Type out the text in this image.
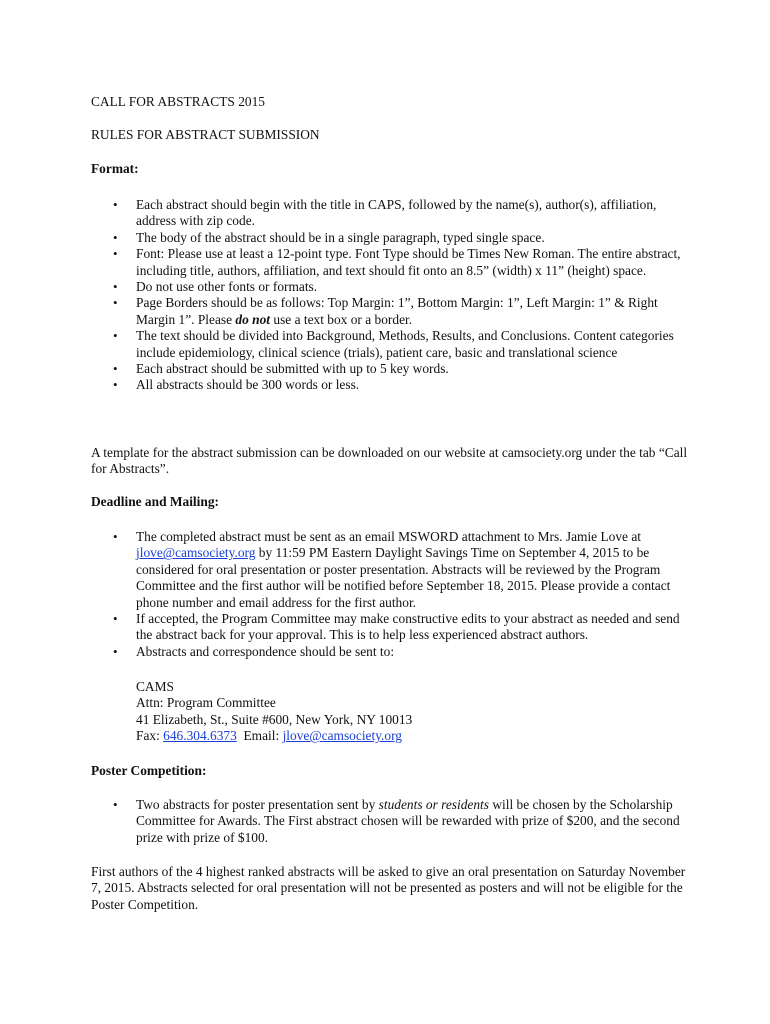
CALL FOR ABSTRACTS 2015

RULES FOR ABSTRACT SUBMISSION

Format:

• Each abstract should begin with the title in CAPS, followed by the name(s), author(s), affiliation, address with zip code.
• The body of the abstract should be in a single paragraph, typed single space.
• Font: Please use at least a 12-point type. Font Type should be Times New Roman. The entire abstract, including title, authors, affiliation, and text should fit onto an 8.5” (width) x 11” (height) space.
• Do not use other fonts or formats.
• Page Borders should be as follows: Top Margin: 1”, Bottom Margin: 1”, Left Margin: 1” & Right Margin 1”. Please do not use a text box or a border.
• The text should be divided into Background, Methods, Results, and Conclusions. Content categories include epidemiology, clinical science (trials), patient care, basic and translational science
• Each abstract should be submitted with up to 5 key words.
• All abstracts should be 300 words or less.

A template for the abstract submission can be downloaded on our website at camsociety.org under the tab “Call for Abstracts”.

Deadline and Mailing:

• The completed abstract must be sent as an email MSWORD attachment to Mrs. Jamie Love at jlove@camsociety.org by 11:59 PM Eastern Daylight Savings Time on September 4, 2015 to be considered for oral presentation or poster presentation. Abstracts will be reviewed by the Program Committee and the first author will be notified before September 18, 2015. Please provide a contact phone number and email address for the first author.
• If accepted, the Program Committee may make constructive edits to your abstract as needed and send the abstract back for your approval. This is to help less experienced abstract authors.
• Abstracts and correspondence should be sent to:
CAMS
Attn: Program Committee
41 Elizabeth, St., Suite #600, New York, NY 10013
Fax: 646.304.6373  Email: jlove@camsociety.org

Poster Competition:

• Two abstracts for poster presentation sent by students or residents will be chosen by the Scholarship Committee for Awards. The First abstract chosen will be rewarded with prize of $200, and the second prize with prize of $100.

First authors of the 4 highest ranked abstracts will be asked to give an oral presentation on Saturday November 7, 2015. Abstracts selected for oral presentation will not be presented as posters and will not be eligible for the Poster Competition.
